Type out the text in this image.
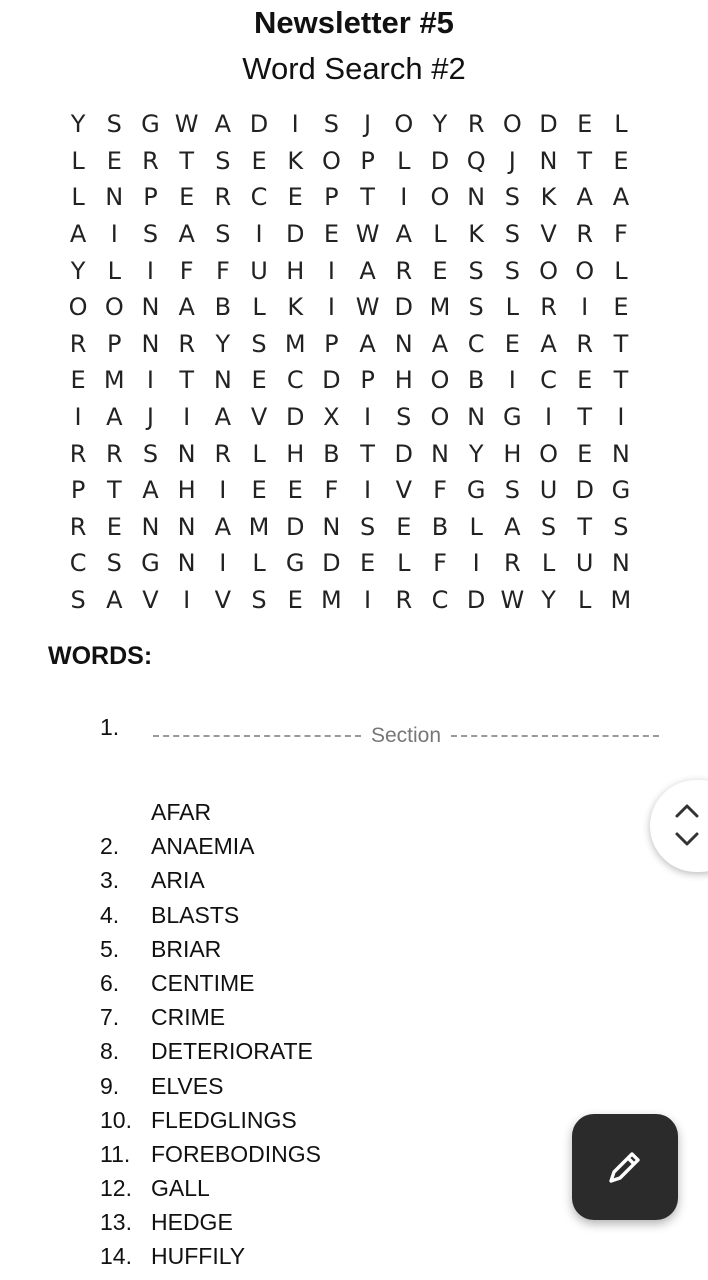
Newsletter #5
Word Search #2
Y S G W A D I	S	J O Y R O D E L
L E R T S E K O P L D Q J N T E
L N P E R C E P T	I O N S K A A
A	I	S A S	I D E W A L K S V R F
Y L	I	F F U H I	A R E S S O O L
O O N A B L K	I W D M S L R	I	E
R P N R Y S M P A N A C E A R T
E M I	T N E C D P H O B	I	C E T
I	A	J	I	A V D X	I	S O N G I	T	I
R R S N R L H B T D N Y H O E N
P T A H I	E E F	I	V F G S U D G
R E N N A M D N S E B L A S T S
C S G N I	L G D E L F	I	R L U N
S A V	I	V S E M I	R C D W Y L M
WORDS:
1.	Section
AFAR
2. ANAEMIA
3. ARIA
4. BLASTS
5. BRIAR
6. CENTIME
7. CRIME
8. DETERIORATE
9. ELVES
10. FLEDGLINGS
11. FOREBODINGS
12. GALL
13. HEDGE
14. HUFFILY
